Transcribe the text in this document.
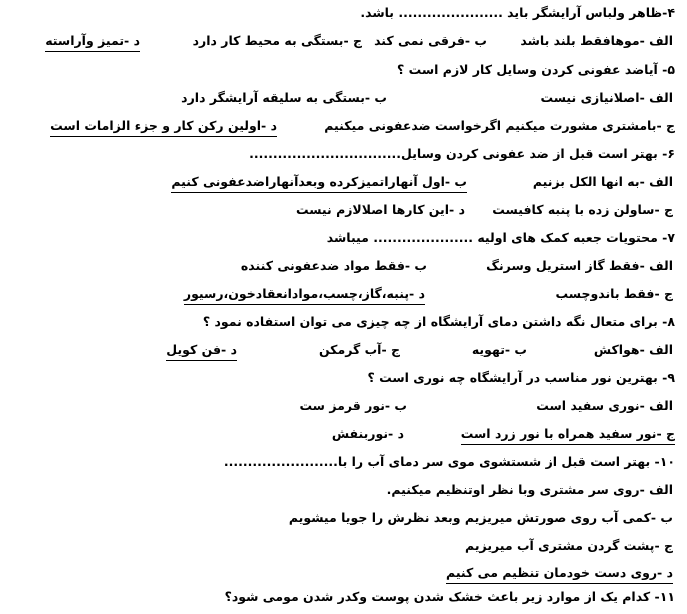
۴-ظاهر ولباس آرایشگر باید ...................... باشد.
الف -موهافقط بلند باشد
ب -فرقی نمی کند
ج -بستگی به محیط کار دارد
د -تمیز وآراسته
۵- آیاضد عفونی کردن وسایل کار لازم است ؟
الف -اصلانیازی نیست
ب -بستگی به سلیقه آرایشگر دارد
ج -بامشتری مشورت میکنیم اگرخواست ضدعفونی میکنیم
د -اولین رکن کار و جزء الزامات است
۶- بهتر است قبل از ضد عفونی کردن وسایل................................
الف -به انها الکل بزنیم
ب -اول آنهاراتمیزکرده وبعدآنهاراضدعفونی کنیم
ج -ساولن زده با پنبه کافیست
د -این کارها اصلالازم نیست
۷- محتویات جعبه کمک های اولیه ..................... میباشد
الف -فقط گاز استریل وسرنگ
ب -فقط مواد ضدعفونی کننده
ج -فقط باندوچسب
د -پنبه،گاز،چسب،موادانعقادخون،رسیور
۸- برای متعال نگه داشتن دمای آرایشگاه از چه چیزی می توان استفاده نمود ؟
الف -هواکش
ب -تهویه
ج -آب گرمکن
د -فن کویل
۹- بهترین نور مناسب در آرایشگاه چه نوری است ؟
الف -نوری سفید است
ب -نور قرمز ست
ج -نور سفید همراه با نور زرد است
د -نوربنفش
۱۰- بهتر است قبل از شستشوی موی سر دمای آب را با........................
الف -روی سر مشتری وبا نظر اوتنظیم میکنیم.
ب -کمی آب روی صورتش میریزیم وبعد نظرش را جویا میشویم
ج -پشت گردن مشتری آب میریزیم
د -روی دست خودمان تنظیم می کنیم
۱۱- کدام یک از موارد زیر باعث خشک شدن پوست وکدر شدن مومی شود؟
